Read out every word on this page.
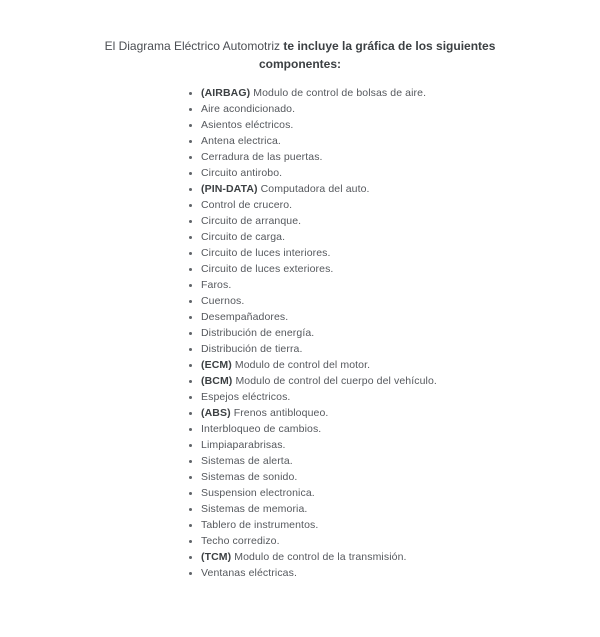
El Diagrama Eléctrico Automotriz te incluye la gráfica de los siguientes componentes:

• (AIRBAG) Modulo de control de bolsas de aire.
• Aire acondicionado.
• Asientos eléctricos.
• Antena electrica.
• Cerradura de las puertas.
• Circuito antirobo.
• (PIN-DATA) Computadora del auto.
• Control de crucero.
• Circuito de arranque.
• Circuito de carga.
• Circuito de luces interiores.
• Circuito de luces exteriores.
• Faros.
• Cuernos.
• Desempañadores.
• Distribución de energía.
• Distribución de tierra.
• (ECM) Modulo de control del motor.
• (BCM) Modulo de control del cuerpo del vehículo.
• Espejos eléctricos.
• (ABS) Frenos antibloqueo.
• Interbloqueo de cambios.
• Limpiaparabrisas.
• Sistemas de alerta.
• Sistemas de sonido.
• Suspension electronica.
• Sistemas de memoria.
• Tablero de instrumentos.
• Techo corredizo.
• (TCM) Modulo de control de la transmisión.
• Ventanas eléctricas.
